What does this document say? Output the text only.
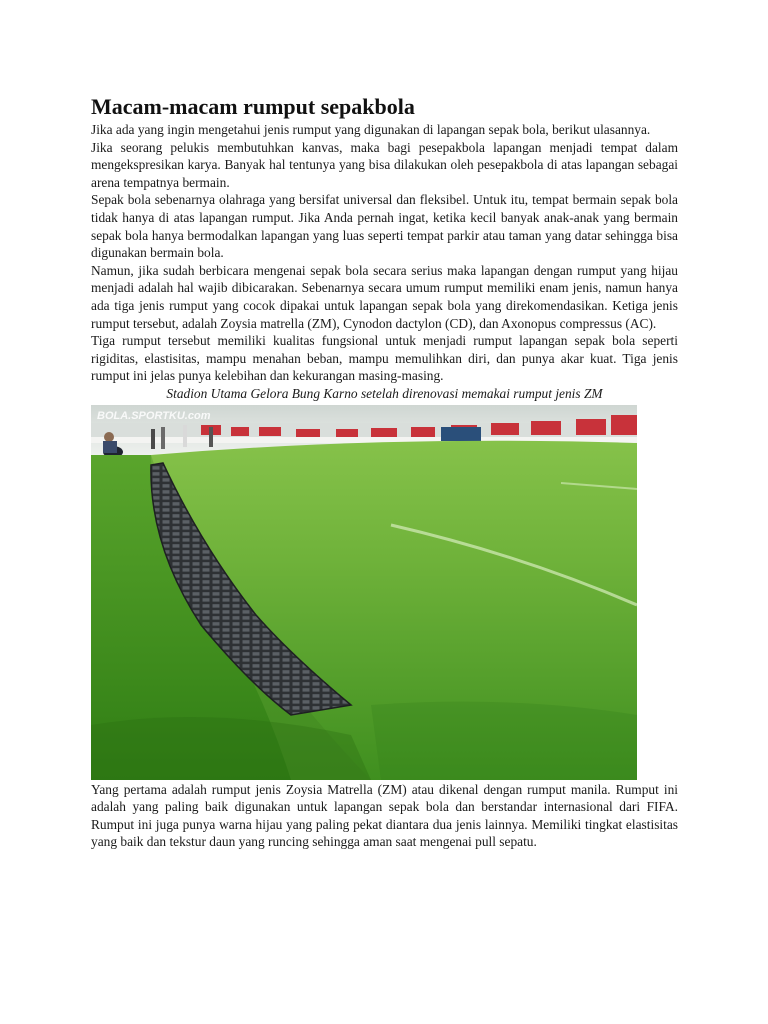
Macam-macam rumput sepakbola

Jika ada yang ingin mengetahui jenis rumput yang digunakan di lapangan sepak bola, berikut ulasannya.

Jika seorang pelukis membutuhkan kanvas, maka bagi pesepakbola lapangan menjadi tempat dalam mengekspresikan karya. Banyak hal tentunya yang bisa dilakukan oleh pesepakbola di atas lapangan sebagai arena tempatnya bermain.

Sepak bola sebenarnya olahraga yang bersifat universal dan fleksibel. Untuk itu, tempat bermain sepak bola tidak hanya di atas lapangan rumput. Jika Anda pernah ingat, ketika kecil banyak anak-anak yang bermain sepak bola hanya bermodalkan lapangan yang luas seperti tempat parkir atau taman yang datar sehingga bisa digunakan bermain bola.

Namun, jika sudah berbicara mengenai sepak bola secara serius maka lapangan dengan rumput yang hijau menjadi adalah hal wajib dibicarakan. Sebenarnya secara umum rumput memiliki enam jenis, namun hanya ada tiga jenis rumput yang cocok dipakai untuk lapangan sepak bola yang direkomendasikan. Ketiga jenis rumput tersebut, adalah Zoysia matrella (ZM), Cynodon dactylon (CD), dan Axonopus compressus (AC).

Tiga rumput tersebut memiliki kualitas fungsional untuk menjadi rumput lapangan sepak bola seperti rigiditas, elastisitas, mampu menahan beban, mampu memulihkan diri, dan punya akar kuat. Tiga jenis rumput ini jelas punya kelebihan dan kekurangan masing-masing.

Stadion Utama Gelora Bung Karno setelah direnovasi memakai rumput jenis ZM

BOLA.SPORTKU.com

Yang pertama adalah rumput jenis Zoysia Matrella (ZM) atau dikenal dengan rumput manila. Rumput ini adalah yang paling baik digunakan untuk lapangan sepak bola dan berstandar internasional dari FIFA. Rumput ini juga punya warna hijau yang paling pekat diantara dua jenis lainnya. Memiliki tingkat elastisitas yang baik dan tekstur daun yang runcing sehingga aman saat mengenai pull sepatu.
